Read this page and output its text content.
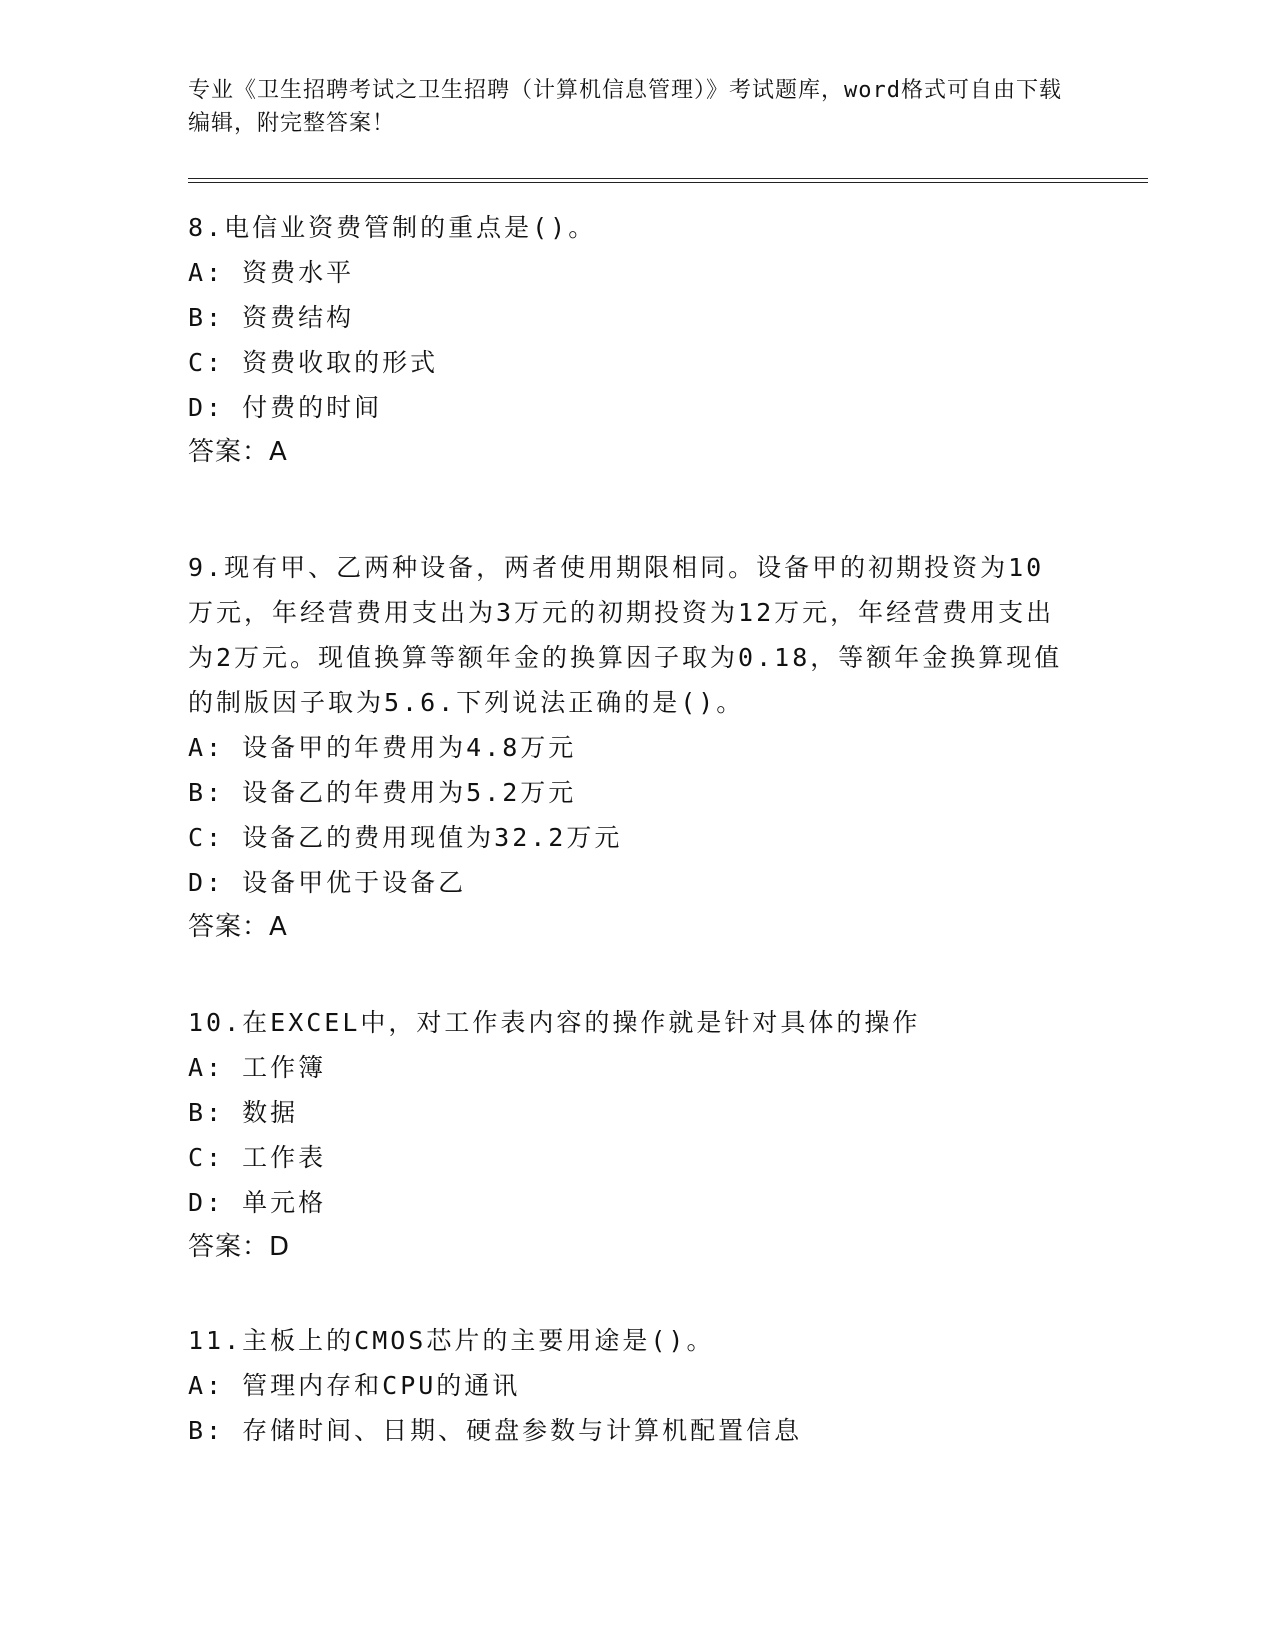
专业《卫生招聘考试之卫生招聘（计算机信息管理）》考试题库，word格式可自由下载编辑，附完整答案！
8.电信业资费管制的重点是()。
A: 资费水平
B: 资费结构
C: 资费收取的形式
D: 付费的时间
答案：A
9.现有甲、乙两种设备，两者使用期限相同。设备甲的初期投资为10万元，年经营费用支出为3万元的初期投资为12万元，年经营费用支出为2万元。现值换算等额年金的换算因子取为0.18，等额年金换算现值的制版因子取为5.6.下列说法正确的是()。
A: 设备甲的年费用为4.8万元
B: 设备乙的年费用为5.2万元
C: 设备乙的费用现值为32.2万元
D: 设备甲优于设备乙
答案：A
10.在EXCEL中，对工作表内容的操作就是针对具体的操作
A: 工作簿
B: 数据
C: 工作表
D: 单元格
答案：D
11.主板上的CMOS芯片的主要用途是()。
A: 管理内存和CPU的通讯
B: 存储时间、日期、硬盘参数与计算机配置信息
